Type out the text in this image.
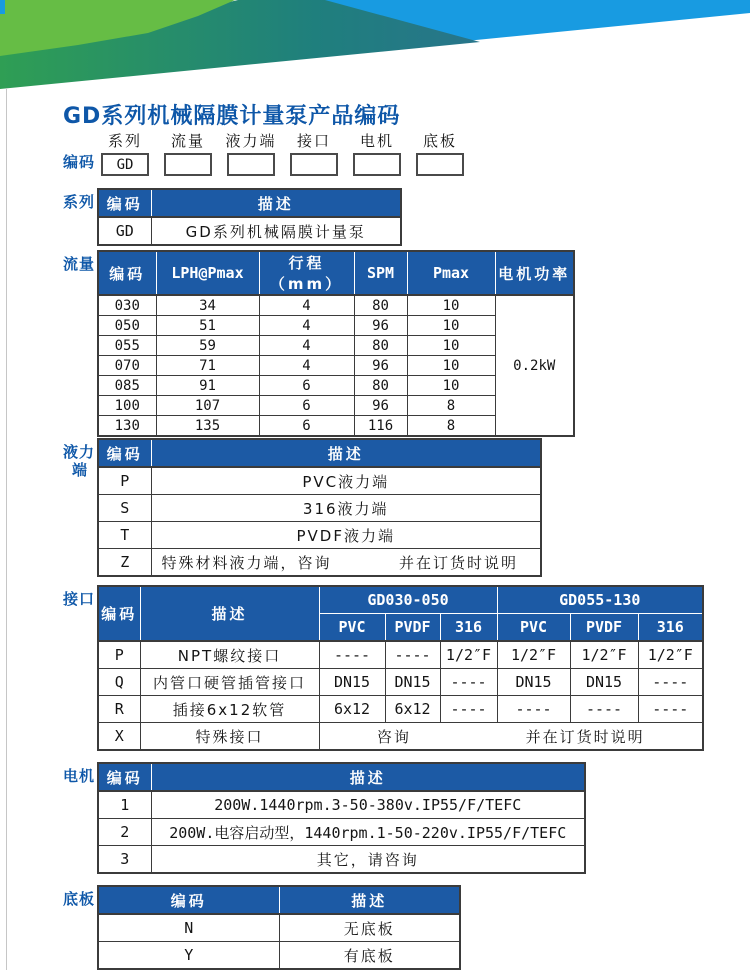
GD系列机械隔膜计量泵产品编码
编码
系列
GD
流量 液力端 接口 电机 底板
系列 编码	描述
GD	GD系列机械隔膜计量泵
流量
编码	LPH@Pmax	行程（mm）	SPM	Pmax	电机功率
030	34	4	80	10	0.2kW
050	51	4	96	10	
055	59	4	80	10	
070	71	4	96	10	
085	91	6	80	10	
100	107	6	96	8	
130	135	6	116	8	
液力
端
编码	描述
P	PVC液力端
S	316液力端
T	PVDF液力端
Z	特殊材料液力端，咨询 并在订货时说明
接口
编码	描述	GD030-050			GD055-130		
		PVC	PVDF	316	PVC	PVDF	316
P	NPT螺纹接口	----	----	1/2″F	1/2″F	1/2″F	1/2″F
Q	内管口硬管插管接口	DN15	DN15	----	DN15	DN15	----
R	插接6x12软管	6x12	6x12	----	----	----	----
X	特殊接口	咨询 并在订货时说明					
电机 编码	描述
1	200W.1440rpm.3-50-380v.IP55/F/TEFC
2	200W.电容启动型，1440rpm.1-50-220v.IP55/F/TEFC
3	其它，请咨询
底板	编码	描述
N	无底板
Y	有底板
